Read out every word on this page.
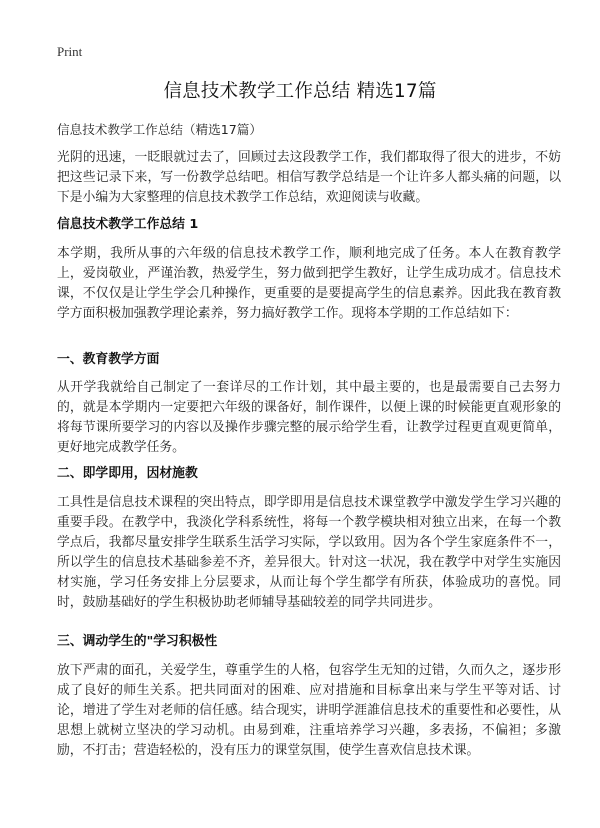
Print
信息技术教学工作总结 精选17篇
信息技术教学工作总结（精选17篇）
光阴的迅速，一眨眼就过去了，回顾过去这段教学工作，我们都取得了很大的进步，不妨把这些记录下来，写一份教学总结吧。相信写教学总结是一个让许多人都头痛的问题，以下是小编为大家整理的信息技术教学工作总结，欢迎阅读与收藏。
信息技术教学工作总结 1
本学期，我所从事的六年级的信息技术教学工作，顺利地完成了任务。本人在教育教学上，爱岗敬业，严谨治教，热爱学生，努力做到把学生教好，让学生成功成才。信息技术课，不仅仅是让学生学会几种操作，更重要的是要提高学生的信息素养。因此我在教育教学方面积极加强教学理论素养，努力搞好教学工作。现将本学期的工作总结如下：
一、教育教学方面
从开学我就给自己制定了一套详尽的工作计划，其中最主要的，也是最需要自己去努力的，就是本学期内一定要把六年级的课备好，制作课件，以便上课的时候能更直观形象的将每节课所要学习的内容以及操作步骤完整的展示给学生看，让教学过程更直观更简单，更好地完成教学任务。
二、即学即用，因材施教
工具性是信息技术课程的突出特点，即学即用是信息技术课堂教学中激发学生学习兴趣的重要手段。在教学中，我淡化学科系统性，将每一个教学模块相对独立出来，在每一个教学点后，我都尽量安排学生联系生活学习实际，学以致用。因为各个学生家庭条件不一，所以学生的信息技术基础参差不齐，差异很大。针对这一状况，我在教学中对学生实施因材实施，学习任务安排上分层要求，从而让每个学生都学有所获，体验成功的喜悦。同时，鼓励基础好的学生积极协助老师辅导基础较差的同学共同进步。
三、调动学生的"学习积极性
放下严肃的面孔，关爱学生，尊重学生的人格，包容学生无知的过错，久而久之，逐步形成了良好的师生关系。把共同面对的困难、应对措施和目标拿出来与学生平等对话、讨论，增进了学生对老师的信任感。结合现实，讲明学涯誰信息技术的重要性和必要性，从思想上就树立坚决的学习动机。由易到难，注重培养学习兴趣，多表扬，不偏袒；多激励，不打击；营造轻松的，没有压力的课堂氛围，使学生喜欢信息技术课。
